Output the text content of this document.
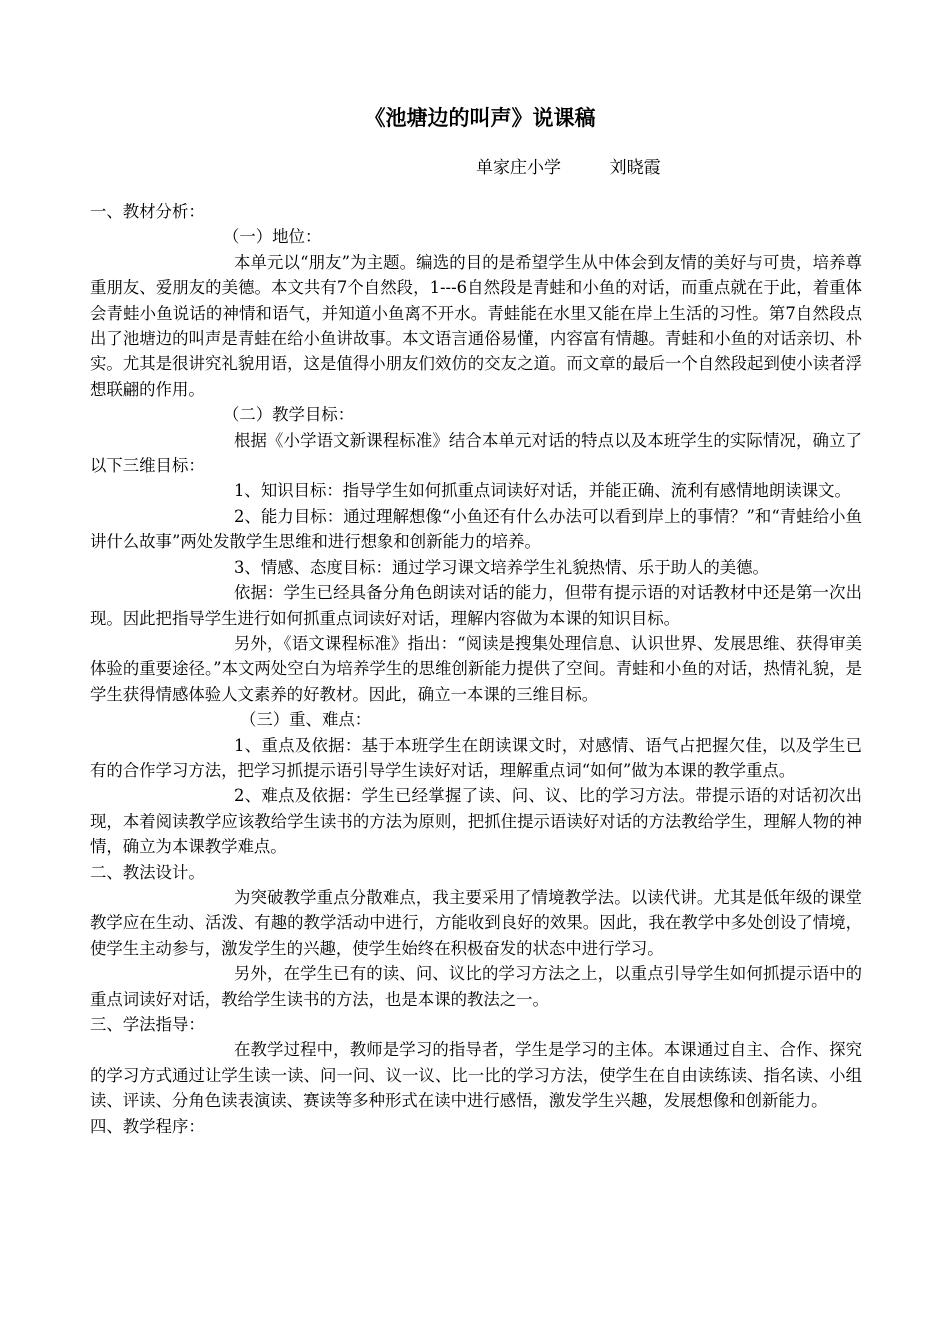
《池塘边的叫声》说课稿
单家庄小学         刘晓霞

一、教材分析：

（一）地位：

本单元以“朋友”为主题。编选的目的是希望学生从中体会到友情的美好与可贵，培养尊重朋友、爱朋友的美德。本文共有7个自然段，1---6自然段是青蛙和小鱼的对话，而重点就在于此，着重体会青蛙小鱼说话的神情和语气，并知道小鱼离不开水。青蛙能在水里又能在岸上生活的习性。第7自然段点出了池塘边的叫声是青蛙在给小鱼讲故事。本文语言通俗易懂，内容富有情趣。青蛙和小鱼的对话亲切、朴实。尤其是很讲究礼貌用语，这是值得小朋友们效仿的交友之道。而文章的最后一个自然段起到使小读者浮想联翩的作用。

（二）教学目标：

根据《小学语文新课程标准》结合本单元对话的特点以及本班学生的实际情况，确立了以下三维目标：

1、知识目标：指导学生如何抓重点词读好对话，并能正确、流利有感情地朗读课文。

2、能力目标：通过理解想像“小鱼还有什么办法可以看到岸上的事情？”和“青蛙给小鱼讲什么故事”两处发散学生思维和进行想象和创新能力的培养。

3、情感、态度目标：通过学习课文培养学生礼貌热情、乐于助人的美德。

依据：学生已经具备分角色朗读对话的能力，但带有提示语的对话教材中还是第一次出现。因此把指导学生进行如何抓重点词读好对话，理解内容做为本课的知识目标。

另外，《语文课程标准》指出：“阅读是搜集处理信息、认识世界、发展思维、获得审美体验的重要途径。”本文两处空白为培养学生的思维创新能力提供了空间。青蛙和小鱼的对话，热情礼貌，是学生获得情感体验人文素养的好教材。因此，确立一本课的三维目标。

（三）重、难点：

1、重点及依据：基于本班学生在朗读课文时，对感情、语气占把握欠佳，以及学生已有的合作学习方法，把学习抓提示语引导学生读好对话，理解重点词“如何”做为本课的教学重点。

2、难点及依据：学生已经掌握了读、问、议、比的学习方法。带提示语的对话初次出现，本着阅读教学应该教给学生读书的方法为原则，把抓住提示语读好对话的方法教给学生，理解人物的神情，确立为本课教学难点。

二、教法设计。

为突破教学重点分散难点，我主要采用了情境教学法。以读代讲。尤其是低年级的课堂教学应在生动、活泼、有趣的教学活动中进行，方能收到良好的效果。因此，我在教学中多处创设了情境，使学生主动参与，激发学生的兴趣，使学生始终在积极奋发的状态中进行学习。

另外，在学生已有的读、问、议比的学习方法之上，以重点引导学生如何抓提示语中的重点词读好对话，教给学生读书的方法，也是本课的教法之一。

三、学法指导：

在教学过程中，教师是学习的指导者，学生是学习的主体。本课通过自主、合作、探究的学习方式通过让学生读一读、问一问、议一议、比一比的学习方法，使学生在自由读练读、指名读、小组读、评读、分角色读表演读、赛读等多种形式在读中进行感悟，激发学生兴趣，发展想像和创新能力。

四、教学程序：
